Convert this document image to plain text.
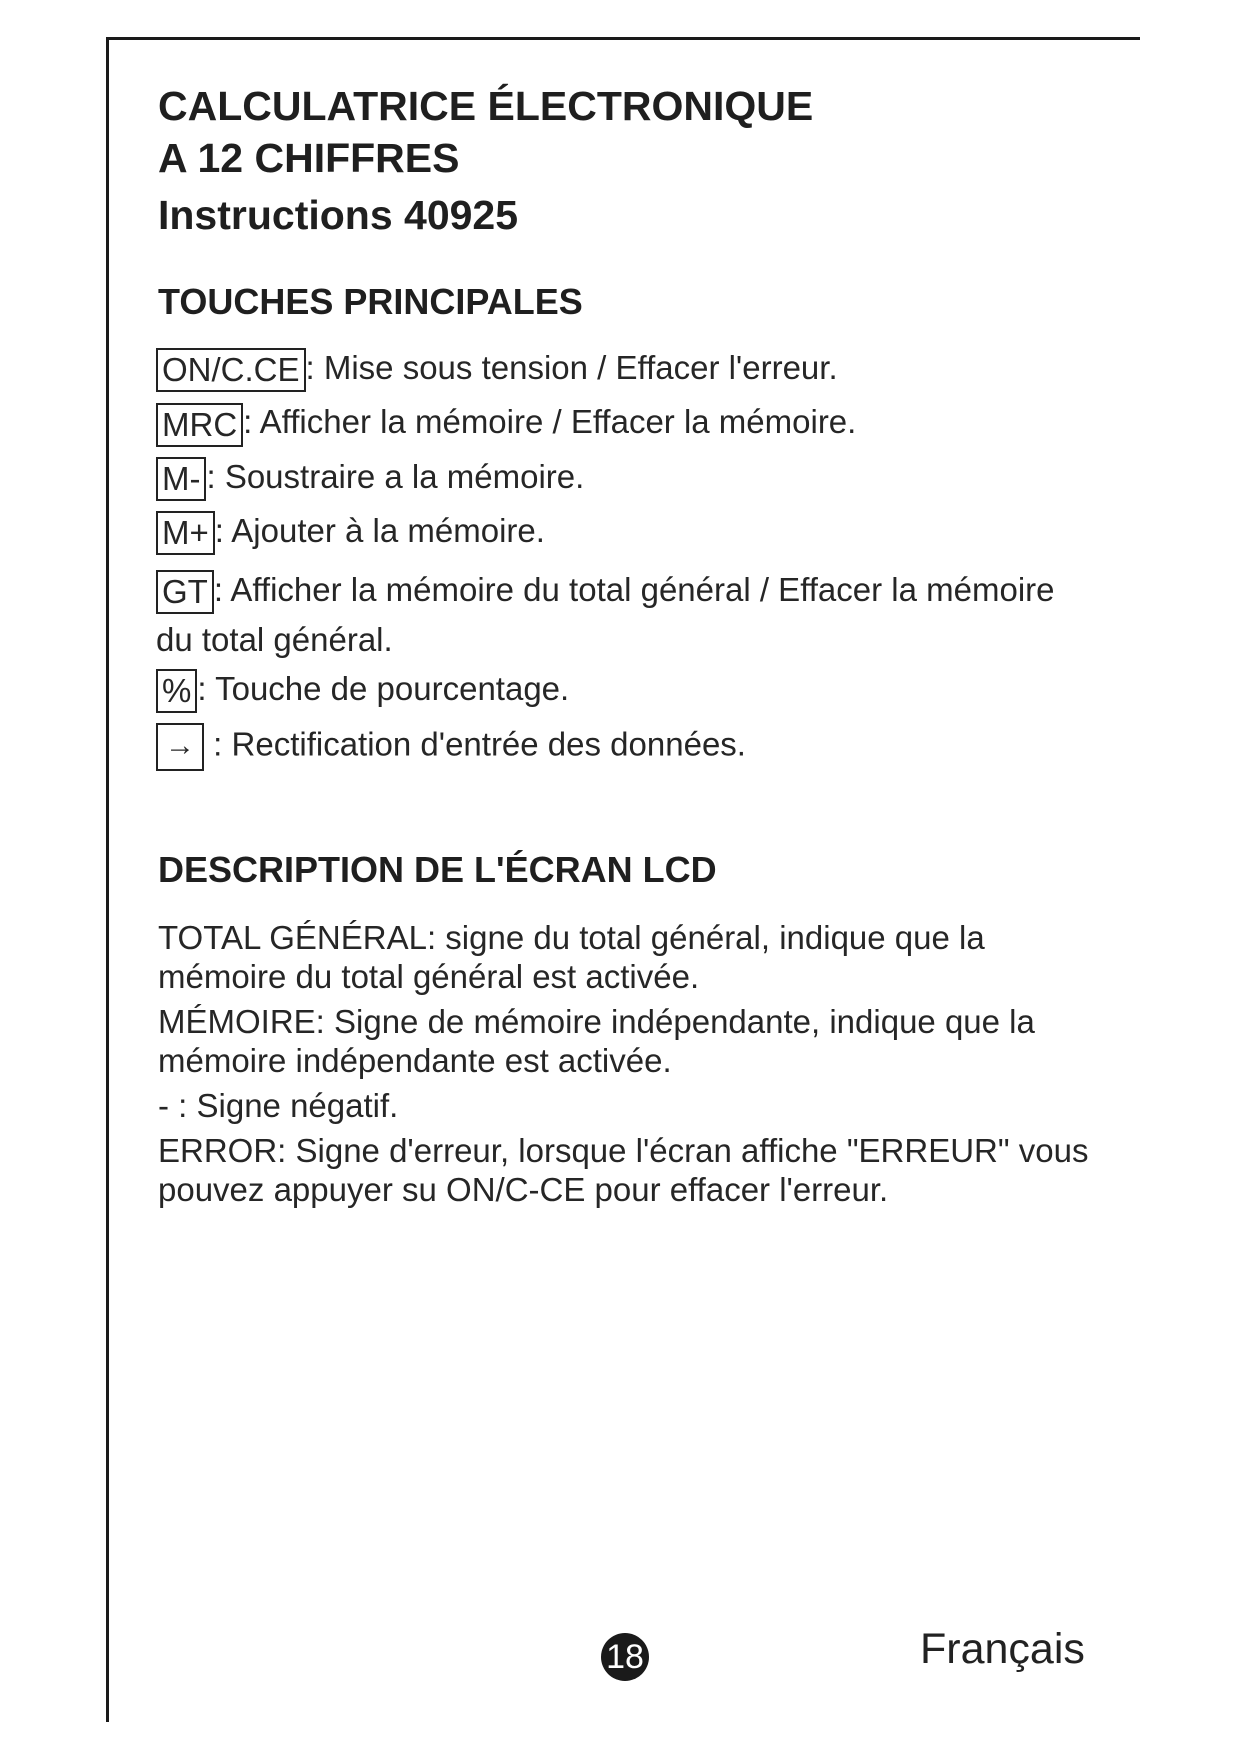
CALCULATRICE ÉLECTRONIQUE
A 12 CHIFFRES
Instructions 40925
TOUCHES PRINCIPALES
ON/C.CE : Mise sous tension / Effacer l'erreur.
MRC : Afficher la mémoire / Effacer la mémoire.
M- : Soustraire a la mémoire.
M+ : Ajouter à la mémoire.
GT : Afficher la mémoire du total général / Effacer la mémoire du total général.
% : Touche de pourcentage.
→ : Rectification d'entrée des données.
DESCRIPTION DE L'ÉCRAN LCD

TOTAL GÉNÉRAL: signe du total général, indique que la mémoire du total général est activée.

MÉMOIRE: Signe de mémoire indépendante, indique que la mémoire indépendante est activée.

- : Signe négatif.

ERROR: Signe d'erreur, lorsque l'écran affiche "ERREUR" vous pouvez appuyer su ON/C-CE pour effacer l'erreur.

18	Français
